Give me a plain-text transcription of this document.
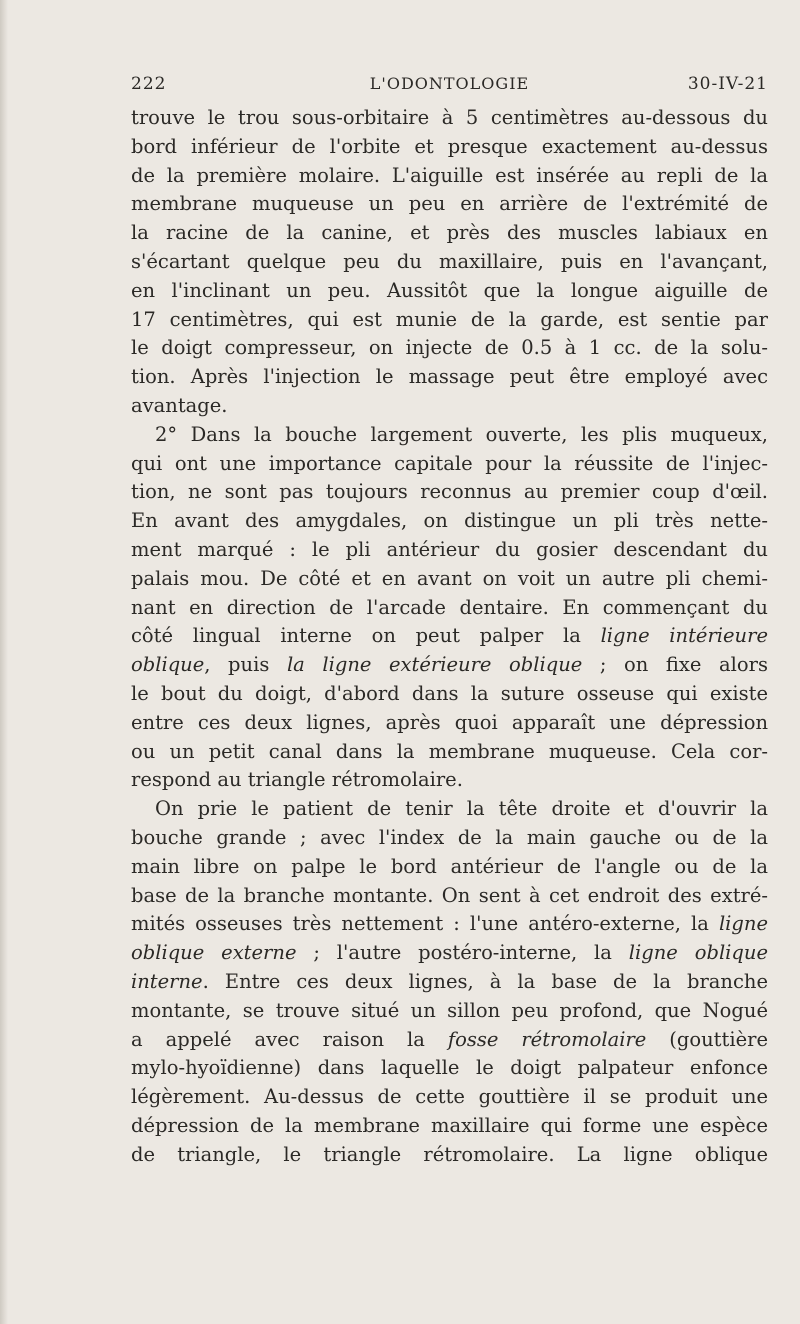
222	L'ODONTOLOGIE	30-IV-21
trouve le trou sous-orbitaire à 5 centimètres au-dessous du
bord inférieur de l'orbite et presque exactement au-dessus
de la première molaire. L'aiguille est insérée au repli de la
membrane muqueuse un peu en arrière de l'extrémité de
la racine de la canine, et près des muscles labiaux en
s'écartant quelque peu du maxillaire, puis en l'avançant,
en l'inclinant un peu. Aussitôt que la longue aiguille de
17 centimètres, qui est munie de la garde, est sentie par
le doigt compresseur, on injecte de 0.5 à 1 cc. de la solu-
tion. Après l'injection le massage peut être employé avec
avantage.
2° Dans la bouche largement ouverte, les plis muqueux,
qui ont une importance capitale pour la réussite de l'injec-
tion, ne sont pas toujours reconnus au premier coup d'œil.
En avant des amygdales, on distingue un pli très nette-
ment marqué : le pli antérieur du gosier descendant du
palais mou. De côté et en avant on voit un autre pli chemi-
nant en direction de l'arcade dentaire. En commençant du
côté lingual interne on peut palper la ligne intérieure
oblique, puis la ligne extérieure oblique ; on fixe alors
le bout du doigt, d'abord dans la suture osseuse qui existe
entre ces deux lignes, après quoi apparaît une dépression
ou un petit canal dans la membrane muqueuse. Cela cor-
respond au triangle rétromolaire.
On prie le patient de tenir la tête droite et d'ouvrir la
bouche grande ; avec l'index de la main gauche ou de la
main libre on palpe le bord antérieur de l'angle ou de la
base de la branche montante. On sent à cet endroit des extré-
mités osseuses très nettement : l'une antéro-externe, la ligne
oblique externe ; l'autre postéro-interne, la ligne oblique
interne. Entre ces deux lignes, à la base de la branche
montante, se trouve situé un sillon peu profond, que Nogué
a appelé avec raison la fosse rétromolaire (gouttière
mylo-hyoïdienne) dans laquelle le doigt palpateur enfonce
légèrement. Au-dessus de cette gouttière il se produit une
dépression de la membrane maxillaire qui forme une espèce
de triangle, le triangle rétromolaire. La ligne oblique
